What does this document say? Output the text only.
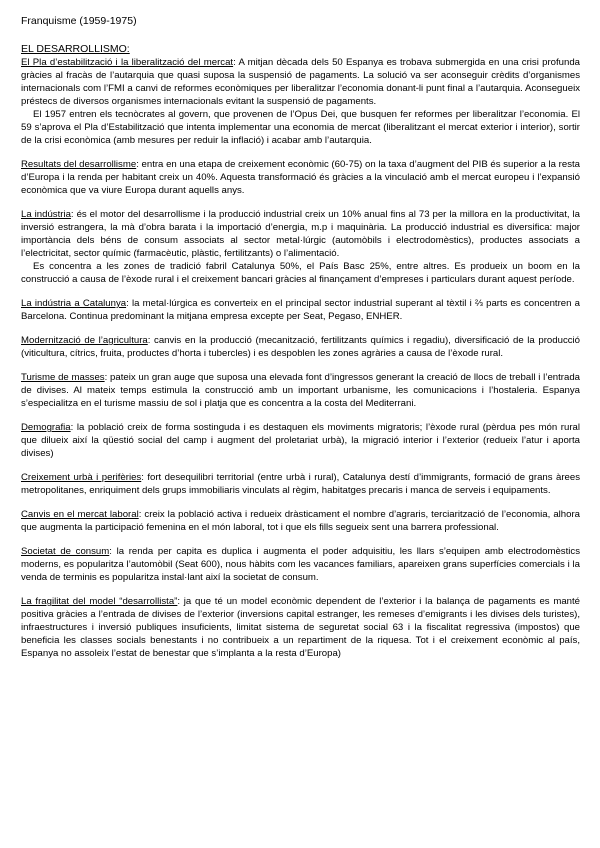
Franquisme (1959-1975)
EL DESARROLLISMO:

El Pla d’estabilització i la liberalització del mercat: A mitjan dècada dels 50 Espanya es trobava submergida en una crisi profunda gràcies al fracàs de l’autarquia que quasi suposa la suspensió de pagaments. La solució va ser aconseguir crèdits d’organismes internacionals com l’FMI a canvi de reformes econòmiques per liberalitzar l’economia donant-li punt final a l’autarquia. Aconsegueix préstecs de diversos organismes internacionals evitant la suspensió de pagaments.

El 1957 entren els tecnòcrates al govern, que provenen de l’Opus Dei, que busquen fer reformes per liberalitzar l’economia. El 59 s’aprova el Pla d’Estabilització que intenta implementar una economia de mercat (liberalitzant el mercat exterior i interior), sortir de la crisi econòmica (amb mesures per reduir la inflació) i acabar amb l’autarquia.

Resultats del desarrollisme: entra en una etapa de creixement econòmic (60-75) on la taxa d’augment del PIB és superior a la resta d’Europa i la renda per habitant creix un 40%. Aquesta transformació és gràcies a la vinculació amb el mercat europeu i l’expansió econòmica que va viure Europa durant aquells anys.

La indústria: és el motor del desarrollisme i la producció industrial creix un 10% anual fins al 73 per la millora en la productivitat, la inversió estrangera, la mà d’obra barata i la importació d’energia, m.p i maquinària. La producció industrial es diversifica: major importància dels béns de consum associats al sector metal·lúrgic (automòbils i electrodomèstics), productes associats a l’electricitat, sector químic (farmacèutic, plàstic, fertilitzants) o l’alimentació.

Es concentra a les zones de tradició fabril Catalunya 50%, el País Basc 25%, entre altres. Es produeix un boom en la construcció a causa de l’èxode rural i el creixement bancari gràcies al finançament d’empreses i particulars durant aquest període.

La indústria a Catalunya: la metal·lúrgica es converteix en el principal sector industrial superant al tèxtil i ⅔ parts es concentren a Barcelona. Continua predominant la mitjana empresa excepte per Seat, Pegaso, ENHER.

Modernització de l’agricultura: canvis en la producció (mecanització, fertilitzants químics i regadiu), diversificació de la producció (viticultura, cítrics, fruita, productes d’horta i tubercles) i es despoblen les zones agràries a causa de l’èxode rural.

Turisme de masses: pateix un gran auge que suposa una elevada font d’ingressos generant la creació de llocs de treball i l’entrada de divises. Al mateix temps estimula la construcció amb un important urbanisme, les comunicacions i l’hostaleria. Espanya s’especialitza en el turisme massiu de sol i platja que es concentra a la costa del Mediterrani.

Demografia: la població creix de forma sostinguda i es destaquen els moviments migratoris; l’èxode rural (pèrdua pes món rural que dilueix així la qüestió social del camp i augment del proletariat urbà), la migració interior i l’exterior (redueix l’atur i aporta divises)

Creixement urbà i perifèries: fort desequilibri territorial (entre urbà i rural), Catalunya destí d’immigrants, formació de grans àrees metropolitanes, enriquiment dels grups immobiliaris vinculats al règim, habitatges precaris i manca de serveis i equipaments.

Canvis en el mercat laboral: creix la població activa i redueix dràsticament el nombre d’agraris, terciarització de l’economia, alhora que augmenta la participació femenina en el món laboral, tot i que els fills segueix sent una barrera professional.

Societat de consum: la renda per capita es duplica i augmenta el poder adquisitiu, les llars s’equipen amb electrodomèstics moderns, es popularitza l’automòbil (Seat 600), nous hàbits com les vacances familiars, apareixen grans superfícies comercials i la venda de terminis es popularitza instal·lant així la societat de consum.

La fragilitat del model “desarrollista”: ja que té un model econòmic dependent de l’exterior i la balança de pagaments es manté positiva gràcies a l’entrada de divises de l’exterior (inversions capital estranger, les remeses d’emigrants i les divises dels turistes), infraestructures i inversió publiques insuficients, limitat sistema de seguretat social 63 i la fiscalitat regressiva (impostos) que beneficia les classes socials benestants i no contribueix a un repartiment de la riquesa. Tot i el creixement econòmic al país, Espanya no assoleix l’estat de benestar que s’implanta a la resta d’Europa)
